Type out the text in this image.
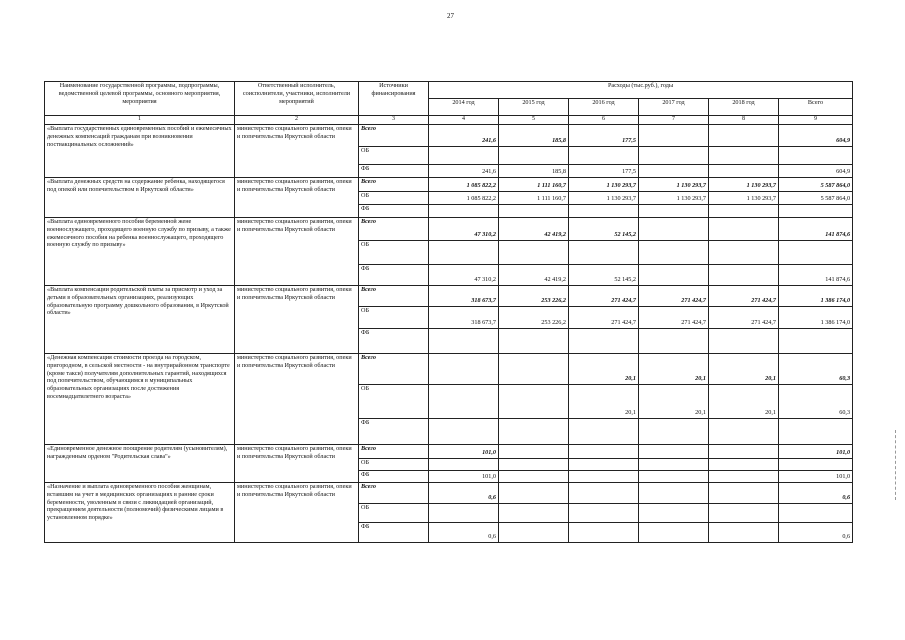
27
Наименование государственной программы, подпрограммы, ведомственной целевой программы, основного мероприятия, мероприятия	Ответственный исполнитель, соисполнители, участники, исполнители мероприятий	Источники финансирования	Расходы (тыс.руб.), годы					
			2014 год	2015 год	2016 год	2017 год	2018 год	Всего
1	2	3	4	5	6	7	8	9
«Выплата государственных единовременных пособий и ежемесячных денежных компенсаций гражданам при возникновении поствакцинальных осложнений»	министерство социального развития, опеки и попечительства Иркутской области	Всего	241,6	185,8	177,5			604,9
		ОБ						
		ФБ	241,6	185,8	177,5			604,9
«Выплата денежных средств на содержание ребенка, находящегося под опекой или попечительством в Иркутской области»	министерство социального развития, опеки и попечительства Иркутской области	Всего	1 085 822,2	1 111 160,7	1 130 293,7	1 130 293,7	1 130 293,7	5 587 864,0
		ОБ	1 085 822,2	1 111 160,7	1 130 293,7	1 130 293,7	1 130 293,7	5 587 864,0
		ФБ						
«Выплата единовременного пособия беременной жене военнослужащего, проходящего военную службу по призыву, а также ежемесячного пособия на ребенка военнослужащего, проходящего военную службу по призыву»	министерство социального развития, опеки и попечительства Иркутской области	Всего	47 310,2	42 419,2	52 145,2			141 874,6
		ОБ						
		ФБ	47 310,2	42 419,2	52 145,2			141 874,6
«Выплата компенсации родительской платы за присмотр и уход за детьми в образовательных организациях, реализующих образовательную программу дошкольного образования, в Иркутской области»	министерство социального развития, опеки и попечительства Иркутской области	Всего	318 673,7	253 226,2	271 424,7	271 424,7	271 424,7	1 386 174,0
		ОБ	318 673,7	253 226,2	271 424,7	271 424,7	271 424,7	1 386 174,0
		ФБ						
«Денежная компенсация стоимости проезда на городском, пригородном, в сельской местности - на внутрирайонном транспорте (кроме такси) получателям дополнительных гарантий, находящихся под попечительством, обучающимся в муниципальных образовательных организациях после достижения восемнадцатилетнего возраста»	министерство социального развития, опеки и попечительства Иркутской области	Всего			20,1	20,1	20,1	60,3
		ОБ			20,1	20,1	20,1	60,3
		ФБ						
«Единовременное денежное поощрение родителям (усыновителям), награжденным орденом "Родительская слава"»	министерство социального развития, опеки и попечительства Иркутской области	Всего	101,0					101,0
		ОБ						
		ФБ	101,0					101,0
«Назначение и выплата единовременного пособия женщинам, вставшим на учет в медицинских организациях в ранние сроки беременности, уволенным в связи с ликвидацией организаций, прекращением деятельности (полномочий) физическими лицами в установленном порядке»	министерство социального развития, опеки и попечительства Иркутской области	Всего	0,6					0,6
		ОБ						
		ФБ	0,6					0,6
